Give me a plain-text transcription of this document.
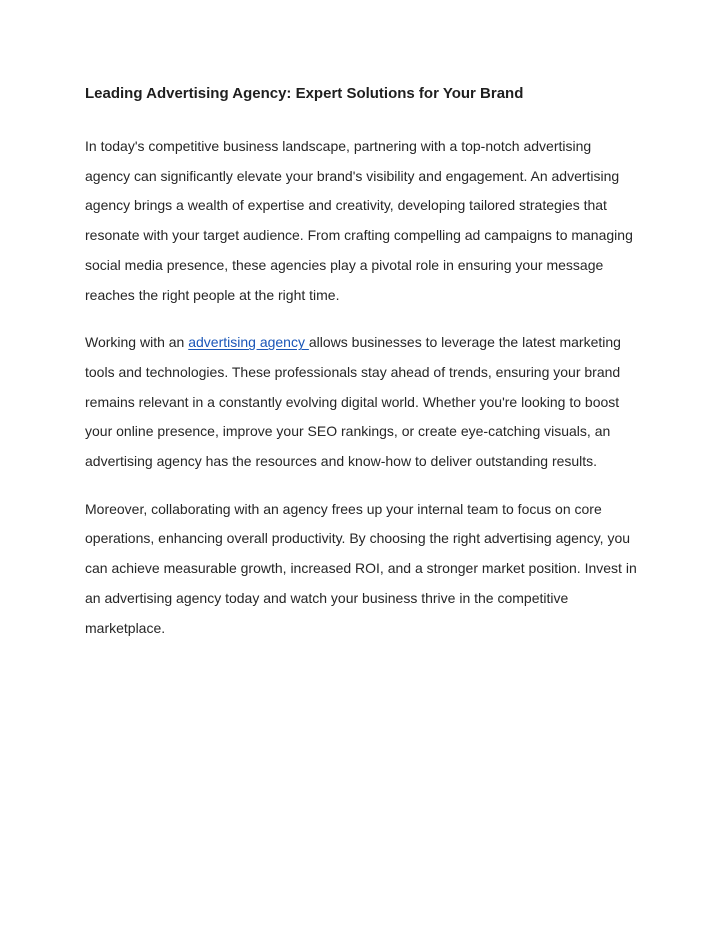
Leading Advertising Agency: Expert Solutions for Your Brand

In today's competitive business landscape, partnering with a top-notch advertising agency can significantly elevate your brand's visibility and engagement. An advertising agency brings a wealth of expertise and creativity, developing tailored strategies that resonate with your target audience. From crafting compelling ad campaigns to managing social media presence, these agencies play a pivotal role in ensuring your message reaches the right people at the right time.

Working with an advertising agency allows businesses to leverage the latest marketing tools and technologies. These professionals stay ahead of trends, ensuring your brand remains relevant in a constantly evolving digital world. Whether you're looking to boost your online presence, improve your SEO rankings, or create eye-catching visuals, an advertising agency has the resources and know-how to deliver outstanding results.

Moreover, collaborating with an agency frees up your internal team to focus on core operations, enhancing overall productivity. By choosing the right advertising agency, you can achieve measurable growth, increased ROI, and a stronger market position. Invest in an advertising agency today and watch your business thrive in the competitive marketplace.
